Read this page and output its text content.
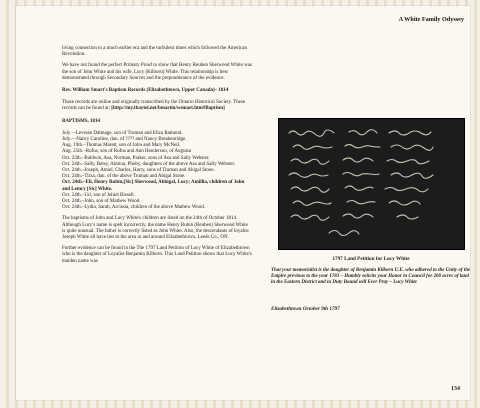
A White Family Odyssey

living connection to a much earlier era and the turbulent times which followed the American Revolution.

We have not found the perfect Primary Proof to show that Henry Reuben Sherwood White was the son of John White and his wife, Lucy (Kilborn) White. This relationship is best demonstrated through Secondary Sources and the preponderance of the evidence.

Rev. William Smart's Baptism Records (Elizabethtown, Upper Canada)– 1814

These records are online and originally transcribed by the Ontario Historical Society. These records can be found at: [http://my.tbaytel.net/bmartin/wsmart.htm#Baptism]

BAPTISMS, 1814
July –-Leveran Dalmage, son of Truman and Eliza Ramond.
July.—Nancy Caroline, dau. of ???? and Nancy Breakenridge.
Aug. 19th.–Thomas Marett, son of John and Mary McNeil.
Aug. 25th.–Rufus, son of Rufus and Ann Henderson, of Augusta
Oct. 23th.–Baldwin, Asa, Norman, Parker, sons of Asa and Sally Webster.
Oct. 24th.–Sally, Betsy, Almina, Phoby, daughters of the above Asa and Sally Webster.
Oct. 24th.–Joseph, Amiel, Charles, Harry, sons of Truman and Abigal Stone.
Oct. 24th.–Tirza, dau. of the above Truman and Abigal Stone.
Oct. 24th.–Eli, Henry Rubin,[Sic] Sherwood, Abbigal, Lucy; Amillia, children of John and Lemcy [Sic] White.
Oct. 24th.–Uri, son of Jehiel Bissell.
Oct. 24th.–John, son of Mathew Wood.
Oct. 24th.–Lydia, Sarah, Arcissia, children of the above Mathew Wood.

The baptisms of John and Lucy White's children are listed on the 24th of October 1814. Although Lucy's name is spelt incorrectly, the name Henry Rubin (Reuben) Sherwood White is quite unusual. The father is correctly listed as John White. Also, the descendants of loyalist Joseph White all have ties to the area in and around Elizabethtown, Leeds Co., ON.

Further evidence can be found in the The 1797 Land Petition of Lucy White of Elizabethtown who is the daughter of Loyalist Benjamin Kilborn. This Land Petition shows that Lucy White's maiden name was	1797 Land Petition for Lucy White
That your memorialist is the daughter of Benjamin Kilborn U.E. who adhered to the Unity of the Empire previous to the year 1783 – Humbly solicits your Honor in Council for 200 acres of land in the Eastern District and in Duty Bound will Ever Pray – Lucy White
Elizabethtown October 9th 1797
134
